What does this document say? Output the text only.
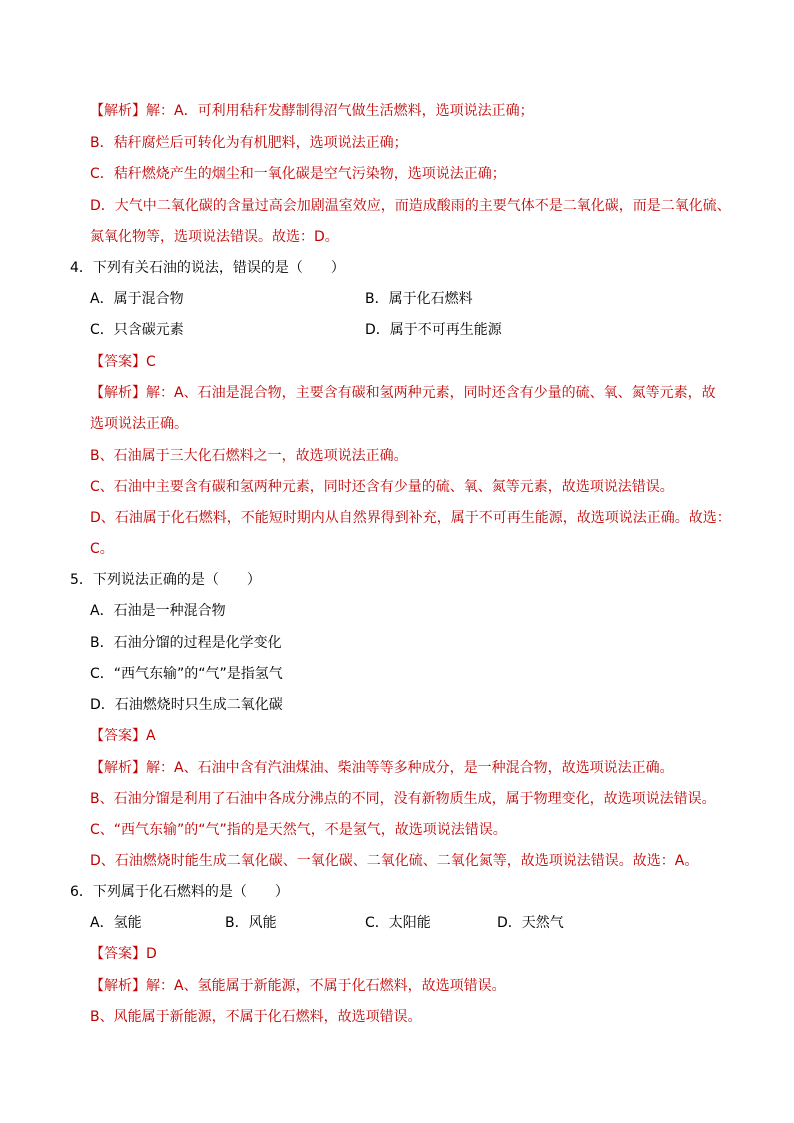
【解析】解：A．可利用秸秆发酵制得沼气做生活燃料，选项说法正确；
B．秸秆腐烂后可转化为有机肥料，选项说法正确；
C．秸秆燃烧产生的烟尘和一氧化碳是空气污染物，选项说法正确；
D．大气中二氧化碳的含量过高会加剧温室效应，而造成酸雨的主要气体不是二氧化碳，而是二氧化硫、
氮氧化物等，选项说法错误。故选：D。
4．下列有关石油的说法，错误的是（　　）
A．属于混合物	B．属于化石燃料
C．只含碳元素	D．属于不可再生能源
【答案】C
【解析】解：A、石油是混合物，主要含有碳和氢两种元素，同时还含有少量的硫、氧、氮等元素，故
选项说法正确。
B、石油属于三大化石燃料之一，故选项说法正确。
C、石油中主要含有碳和氢两种元素，同时还含有少量的硫、氧、氮等元素，故选项说法错误。
D、石油属于化石燃料，不能短时期内从自然界得到补充，属于不可再生能源，故选项说法正确。故选：
C。
5．下列说法正确的是（　　）
A．石油是一种混合物
B．石油分馏的过程是化学变化
C．“西气东输”的“气”是指氢气
D．石油燃烧时只生成二氧化碳
【答案】A
【解析】解：A、石油中含有汽油煤油、柴油等等多种成分，是一种混合物，故选项说法正确。
B、石油分馏是利用了石油中各成分沸点的不同，没有新物质生成，属于物理变化，故选项说法错误。
C、“西气东输”的“气”指的是天然气，不是氢气，故选项说法错误。
D、石油燃烧时能生成二氧化碳、一氧化碳、二氧化硫、二氧化氮等，故选项说法错误。故选：A。
6．下列属于化石燃料的是（　　）
A．氢能	B．风能	C．太阳能	D．天然气
【答案】D
【解析】解：A、氢能属于新能源，不属于化石燃料，故选项错误。
B、风能属于新能源，不属于化石燃料，故选项错误。
